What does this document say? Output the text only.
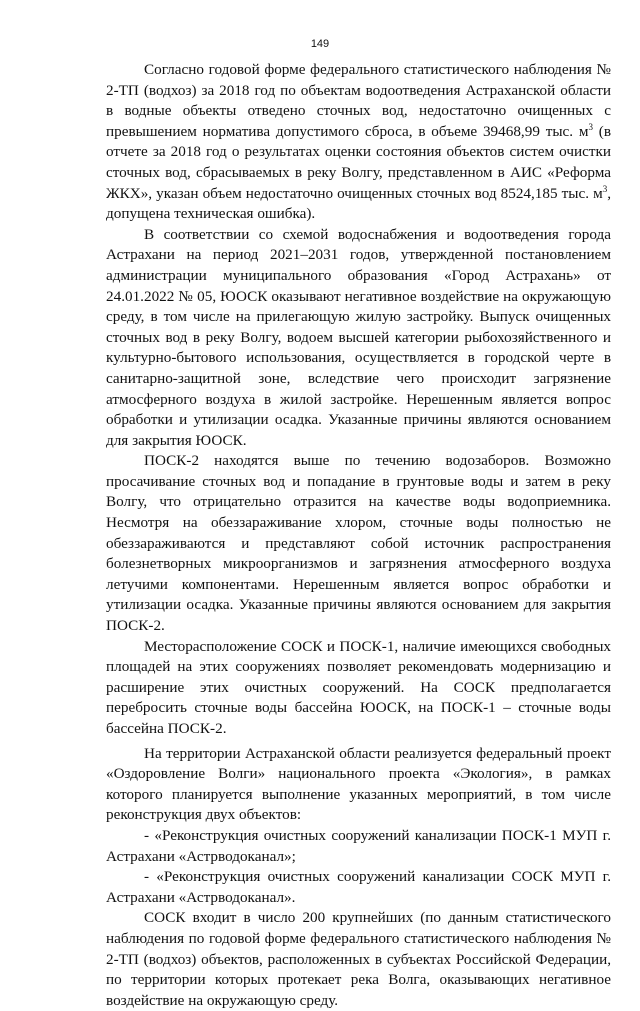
149

Согласно годовой форме федерального статистического наблюдения № 2-ТП (водхоз) за 2018 год по объектам водоотведения Астраханской области в водные объекты отведено сточных вод, недостаточно очищенных с превышением норматива допустимого сброса, в объеме 39468,99 тыс. $м^3$ (в отчете за 2018 год о результатах оценки состояния объектов систем очистки сточных вод, сбрасываемых в реку Волгу, представленном в АИС «Реформа ЖКХ», указан объем недостаточно очищенных сточных вод 8524,185 тыс. $м^3$, допущена техническая ошибка).

В соответствии со схемой водоснабжения и водоотведения города Астрахани на период 2021–2031 годов, утвержденной постановлением администрации муниципального образования «Город Астрахань» от 24.01.2022 № 05, ЮОСК оказывают негативное воздействие на окружающую среду, в том числе на прилегающую жилую застройку. Выпуск очищенных сточных вод в реку Волгу, водоем высшей категории рыбохозяйственного и культурно-бытового использования, осуществляется в городской черте в санитарно-защитной зоне, вследствие чего происходит загрязнение атмосферного воздуха в жилой застройке. Нерешенным является вопрос обработки и утилизации осадка. Указанные причины являются основанием для закрытия ЮОСК.

ПОСК-2 находятся выше по течению водозаборов. Возможно просачивание сточных вод и попадание в грунтовые воды и затем в реку Волгу, что отрицательно отразится на качестве воды водоприемника. Несмотря на обеззараживание хлором, сточные воды полностью не обеззараживаются и представляют собой источник распространения болезнетворных микроорганизмов и загрязнения атмосферного воздуха летучими компонентами. Нерешенным является вопрос обработки и утилизации осадка. Указанные причины являются основанием для закрытия ПОСК-2.

Месторасположение СОСК и ПОСК-1, наличие имеющихся свободных площадей на этих сооружениях позволяет рекомендовать модернизацию и расширение этих очистных сооружений. На СОСК предполагается перебросить сточные воды бассейна ЮОСК, на ПОСК-1 – сточные воды бассейна ПОСК-2.

На территории Астраханской области реализуется федеральный проект «Оздоровление Волги» национального проекта «Экология», в рамках которого планируется выполнение указанных мероприятий, в том числе реконструкция двух объектов:

- «Реконструкция очистных сооружений канализации ПОСК-1 МУП г. Астрахани «Астрводоканал»;

- «Реконструкция очистных сооружений канализации СОСК МУП г. Астрахани «Астрводоканал».

СОСК входит в число 200 крупнейших (по данным статистического наблюдения по годовой форме федерального статистического наблюдения № 2-ТП (водхоз) объектов, расположенных в субъектах Российской Федерации, по территории которых протекает река Волга, оказывающих негативное воздействие на окружающую среду.
